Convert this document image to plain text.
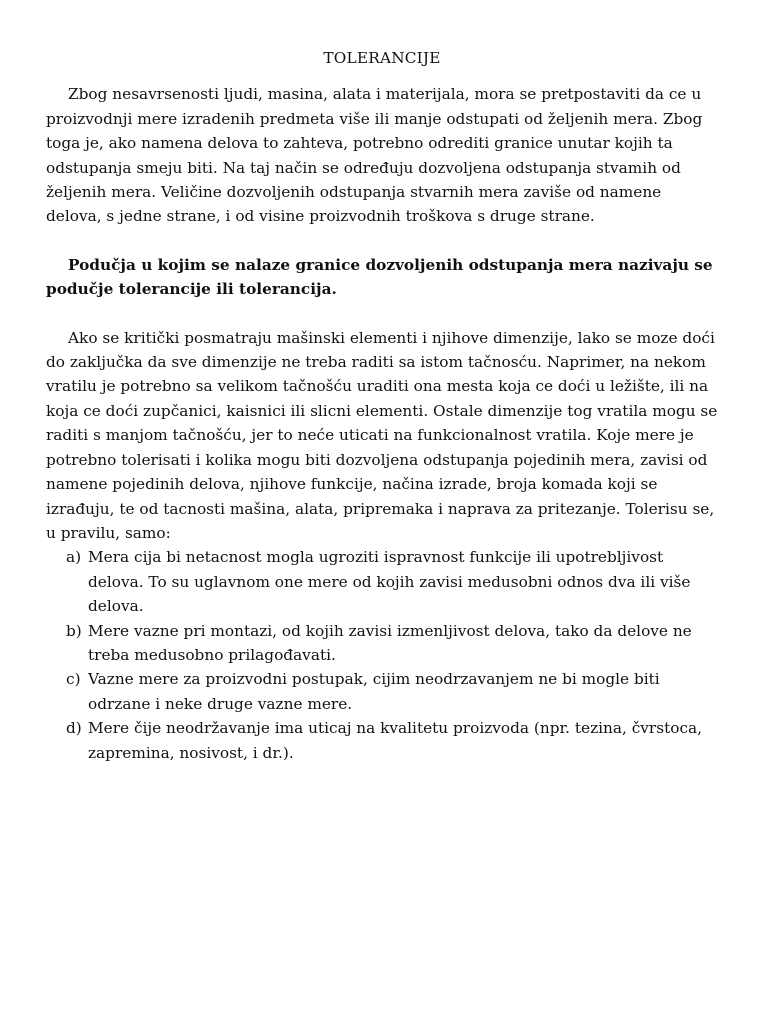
TOLERANCIJE

Zbog nesavrsenosti ljudi, masina, alata i materijala, mora se pretpostaviti da ce u proizvodnji mere izradenih predmeta više ili manje odstupati od željenih mera. Zbog toga je, ako namena delova to zahteva, potrebno odrediti granice unutar kojih ta odstupanja smeju biti. Na taj način se određuju dozvoljena odstupanja stvamih od željenih mera. Veličine dozvoljenih odstupanja stvarnih mera zaviše od namene delova, s jedne strane, i od visine proizvodnih troškova s druge strane.

Podučja u kojim se nalaze granice dozvoljenih odstupanja mera nazivaju se podučje tolerancije ili tolerancija.

Ako se kritički posmatraju mašinski elementi i njihove dimenzije, lako se moze doći do zaključka da sve dimenzije ne treba raditi sa istom tačnosću. Naprimer, na nekom vratilu je potrebno sa velikom tačnošću uraditi ona mesta koja ce doći u ležište, ili na koja ce doći zupčanici, kaisnici ili slicni elementi. Ostale dimenzije tog vratila mogu se raditi s manjom tačnošću, jer to neće uticati na funkcionalnost vratila. Koje mere je potrebno tolerisati i kolika mogu biti dozvoljena odstupanja pojedinih mera, zavisi od namene pojedinih delova, njihove funkcije, načina izrade, broja komada koji se izrađuju, te od tacnosti mašina, alata, pripremaka i naprava za pritezanje. Tolerisu se, u pravilu, samo:

a) Mera cija bi netacnost mogla ugroziti ispravnost funkcije ili upotrebljivost delova. To su uglavnom one mere od kojih zavisi medusobni odnos dva ili više delova.
b) Mere vazne pri montazi, od kojih zavisi izmenljivost delova, tako da delove ne treba medusobno prilagođavati.
c) Vazne mere za proizvodni postupak, cijim neodrzavanjem ne bi mogle biti odrzane i neke druge vazne mere.
d) Mere čije neodržavanje ima uticaj na kvalitetu proizvoda (npr. tezina, čvrstoca, zapremina, nosivost, i dr.).
